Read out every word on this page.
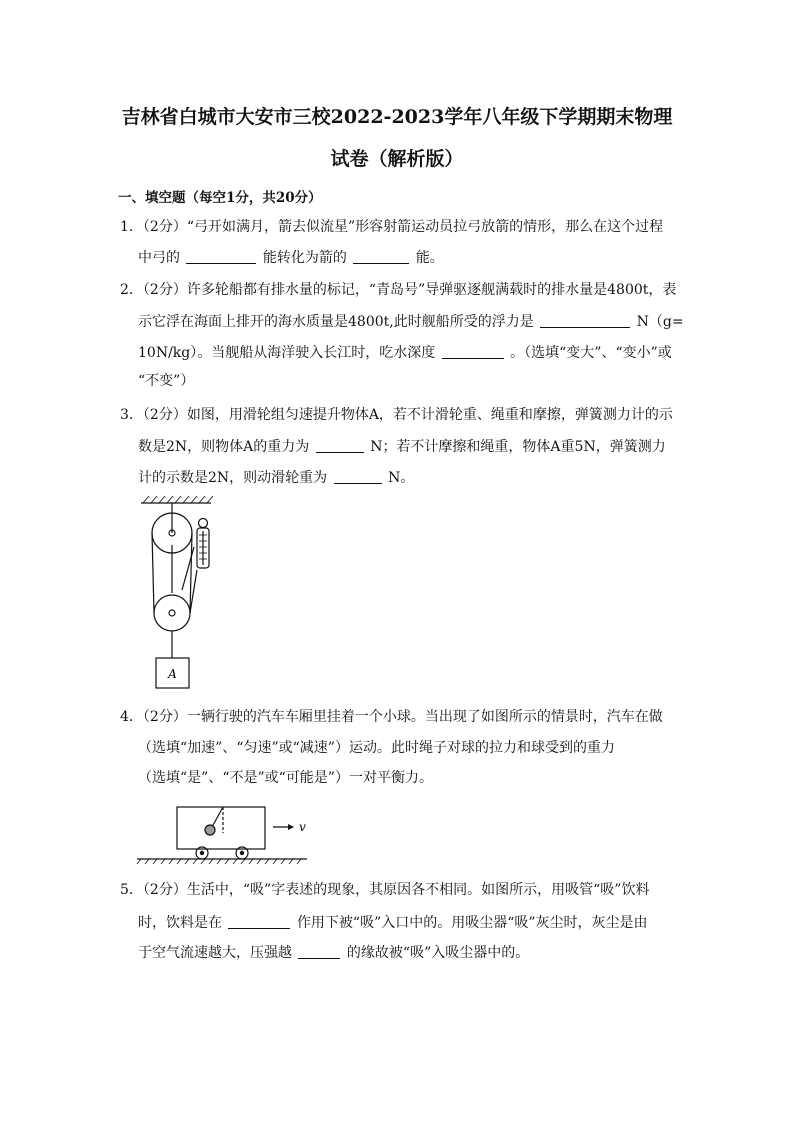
吉林省白城市大安市三校2022-2023学年八年级下学期期末物理
试卷（解析版）
一、填空题（每空1分，共20分）
1．（2分）“弓开如满月，箭去似流星”形容射箭运动员拉弓放箭的情形，那么在这个过程
中弓的	能转化为箭的	能。
2．（2分）许多轮船都有排水量的标记，“青岛号”导弹驱逐舰满载时的排水量是4800t，表
示它浮在海面上排开的海水质量是4800t,此时舰船所受的浮力是	N（g=
10N/kg）。当舰船从海洋驶入长江时，吃水深度	。（选填“变大”、“变小”或
“不变”）
3．（2分）如图，用滑轮组匀速提升物体A，若不计滑轮重、绳重和摩擦，弹簧测力计的示
数是2N，则物体A的重力为	N；若不计摩擦和绳重，物体A重5N，弹簧测力
计的示数是2N，则动滑轮重为	N。
A
4．（2分）一辆行驶的汽车车厢里挂着一个小球。当出现了如图所示的情景时，汽车在做
（选填“加速”、“匀速”或“减速”）运动。此时绳子对球的拉力和球受到的重力
（选填“是”、“不是”或“可能是”）一对平衡力。
v
5．（2分）生活中，“吸”字表述的现象，其原因各不相同。如图所示，用吸管“吸”饮料
时，饮料是在	作用下被“吸”入口中的。用吸尘器“吸”灰尘时，灰尘是由
于空气流速越大，压强越	的缘故被“吸”入吸尘器中的。
